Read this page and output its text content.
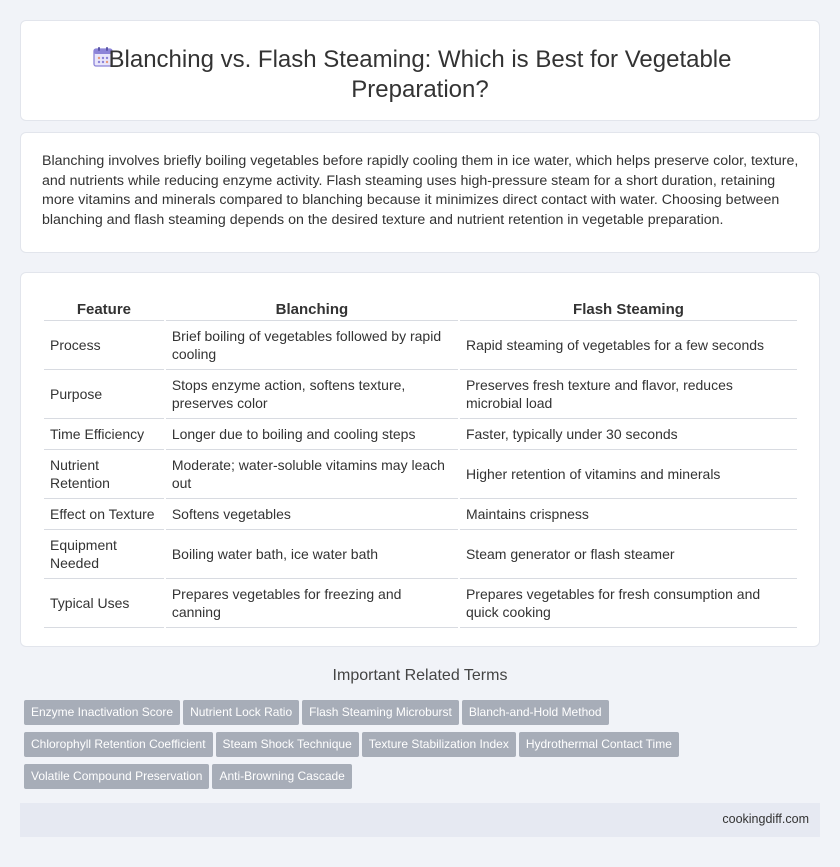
Blanching vs. Flash Steaming: Which is Best for Vegetable
Preparation?

Blanching involves briefly boiling vegetables before rapidly cooling them in ice water, which helps preserve color, texture, and nutrients while reducing enzyme activity. Flash steaming uses high-pressure steam for a short duration, retaining more vitamins and minerals compared to blanching because it minimizes direct contact with water. Choosing between blanching and flash steaming depends on the desired texture and nutrient retention in vegetable preparation.

Feature	Blanching	Flash Steaming
Process	Brief boiling of vegetables followed by rapid cooling	Rapid steaming of vegetables for a few seconds
Purpose	Stops enzyme action, softens texture, preserves color	Preserves fresh texture and flavor, reduces microbial load
Time Efficiency	Longer due to boiling and cooling steps	Faster, typically under 30 seconds
Nutrient Retention	Moderate; water-soluble vitamins may leach out	Higher retention of vitamins and minerals
Effect on Texture	Softens vegetables	Maintains crispness
Equipment Needed	Boiling water bath, ice water bath	Steam generator or flash steamer
Typical Uses	Prepares vegetables for freezing and canning	Prepares vegetables for fresh consumption and quick cooking
Important Related Terms
Enzyme Inactivation Score Nutrient Lock Ratio Flash Steaming Microburst Blanch-and-Hold Method
Chlorophyll Retention Coefficient Steam Shock Technique Texture Stabilization Index Hydrothermal Contact Time
Volatile Compound Preservation Anti-Browning Cascade
cookingdiff.com
